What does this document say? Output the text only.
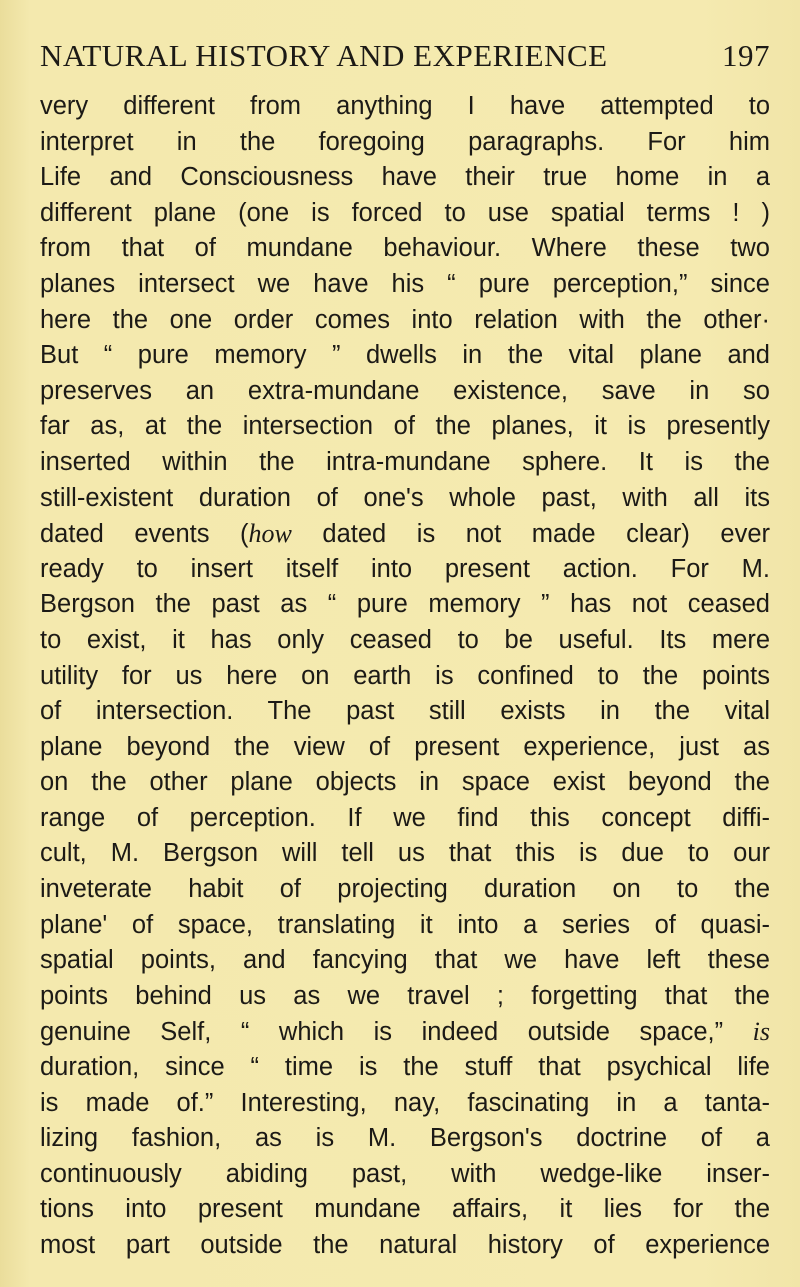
NATURAL HISTORY AND EXPERIENCE	197
very different from anything I have attempted to
interpret in the foregoing paragraphs. For him
Life and Consciousness have their true home in a
different plane (one is forced to use spatial terms ! )
from that of mundane behaviour. Where these two
planes intersect we have his “ pure perception,” since
here the one order comes into relation with the other·
But “ pure memory ” dwells in the vital plane and
preserves an extra-mundane existence, save in so
far as, at the intersection of the planes, it is presently
inserted within the intra-mundane sphere. It is the
still-existent duration of one's whole past, with all its
dated events (how dated is not made clear) ever
ready to insert itself into present action. For M.
Bergson the past as “ pure memory ” has not ceased
to exist, it has only ceased to be useful. Its mere
utility for us here on earth is confined to the points
of intersection. The past still exists in the vital
plane beyond the view of present experience, just as
on the other plane objects in space exist beyond the
range of perception. If we find this concept diffi-
cult, M. Bergson will tell us that this is due to our
inveterate habit of projecting duration on to the
plane' of space, translating it into a series of quasi-
spatial points, and fancying that we have left these
points behind us as we travel ; forgetting that the
genuine Self, “ which is indeed outside space,” is
duration, since “ time is the stuff that psychical life
is made of.” Interesting, nay, fascinating in a tanta-
lizing fashion, as is M. Bergson's doctrine of a
continuously abiding past, with wedge-like inser-
tions into present mundane affairs, it lies for the
most part outside the natural history of experience
